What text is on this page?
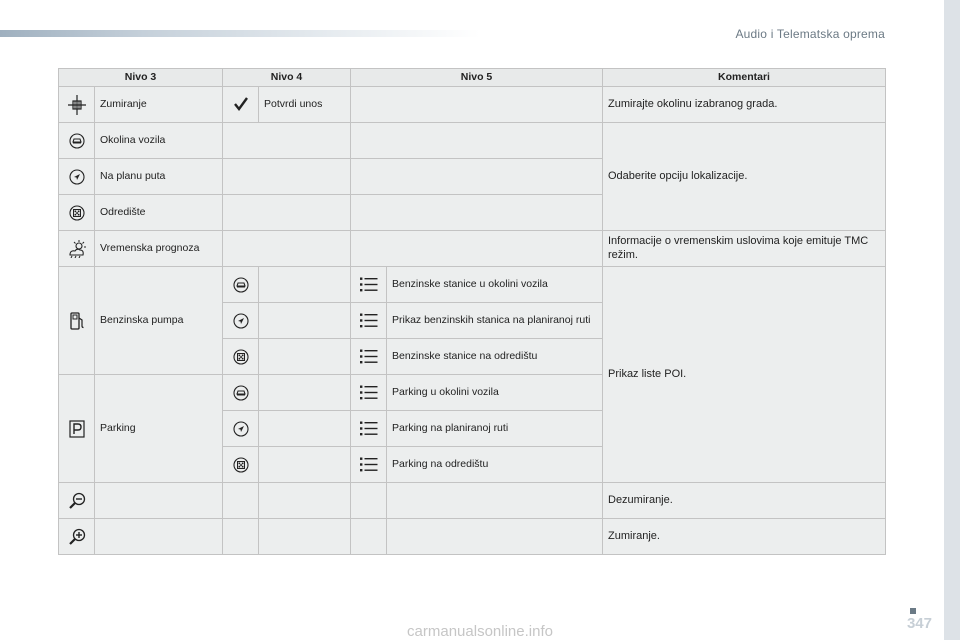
Audio i Telematska oprema
347
carmanualsonline.info
Nivo 3		Nivo 4		Nivo 5		Komentari
	Zumiranje		Potvrdi unos			Zumirajte okolinu izabranog grada.
	Okolina vozila					Odaberite opciju lokalizacije.
	Na planu puta					
	Odredište					
	Vremenska prognoza					Informacije o vremenskim uslovima koje emituje TMC režim.
	Benzinska pumpa				Benzinske stanice u okolini vozila	Prikaz liste POI.
			Prikaz benzinskih stanica na planiranoj ruti	
			Benzinske stanice na odredištu	
	Parking				Parking u okolini vozila	
			Parking na planiranoj ruti	
			Parking na odredištu	
						Dezumiranje.
						Zumiranje.
